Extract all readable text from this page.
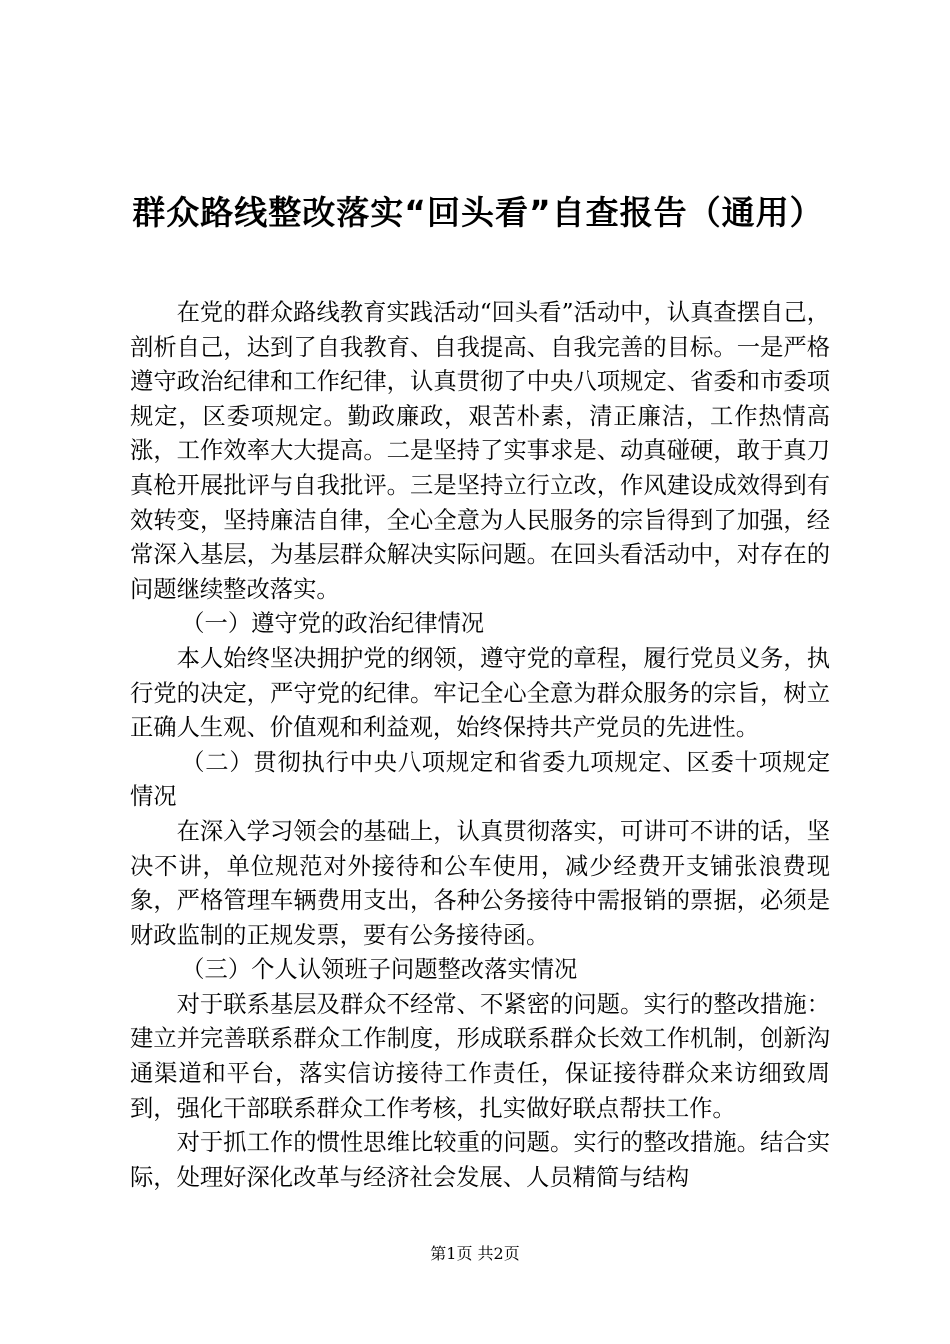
群众路线整改落实“回头看”自查报告（通用）

在党的群众路线教育实践活动“回头看”活动中，认真查摆自己，剖析自己，达到了自我教育、自我提高、自我完善的目标。一是严格遵守政治纪律和工作纪律，认真贯彻了中央八项规定、省委和市委项规定，区委项规定。勤政廉政，艰苦朴素，清正廉洁，工作热情高涨，工作效率大大提高。二是坚持了实事求是、动真碰硬，敢于真刀真枪开展批评与自我批评。三是坚持立行立改，作风建设成效得到有效转变，坚持廉洁自律，全心全意为人民服务的宗旨得到了加强，经常深入基层，为基层群众解决实际问题。在回头看活动中，对存在的问题继续整改落实。

（一）遵守党的政治纪律情况

本人始终坚决拥护党的纲领，遵守党的章程，履行党员义务，执行党的决定，严守党的纪律。牢记全心全意为群众服务的宗旨，树立正确人生观、价值观和利益观，始终保持共产党员的先进性。

（二）贯彻执行中央八项规定和省委九项规定、区委十项规定情况

在深入学习领会的基础上，认真贯彻落实，可讲可不讲的话，坚决不讲，单位规范对外接待和公车使用，减少经费开支铺张浪费现象，严格管理车辆费用支出，各种公务接待中需报销的票据，必须是财政监制的正规发票，要有公务接待函。

（三）个人认领班子问题整改落实情况

对于联系基层及群众不经常、不紧密的问题。实行的整改措施：建立并完善联系群众工作制度，形成联系群众长效工作机制，创新沟通渠道和平台，落实信访接待工作责任，保证接待群众来访细致周到，强化干部联系群众工作考核，扎实做好联点帮扶工作。

对于抓工作的惯性思维比较重的问题。实行的整改措施。结合实际，处理好深化改革与经济社会发展、人员精简与结构

第1页 共2页
